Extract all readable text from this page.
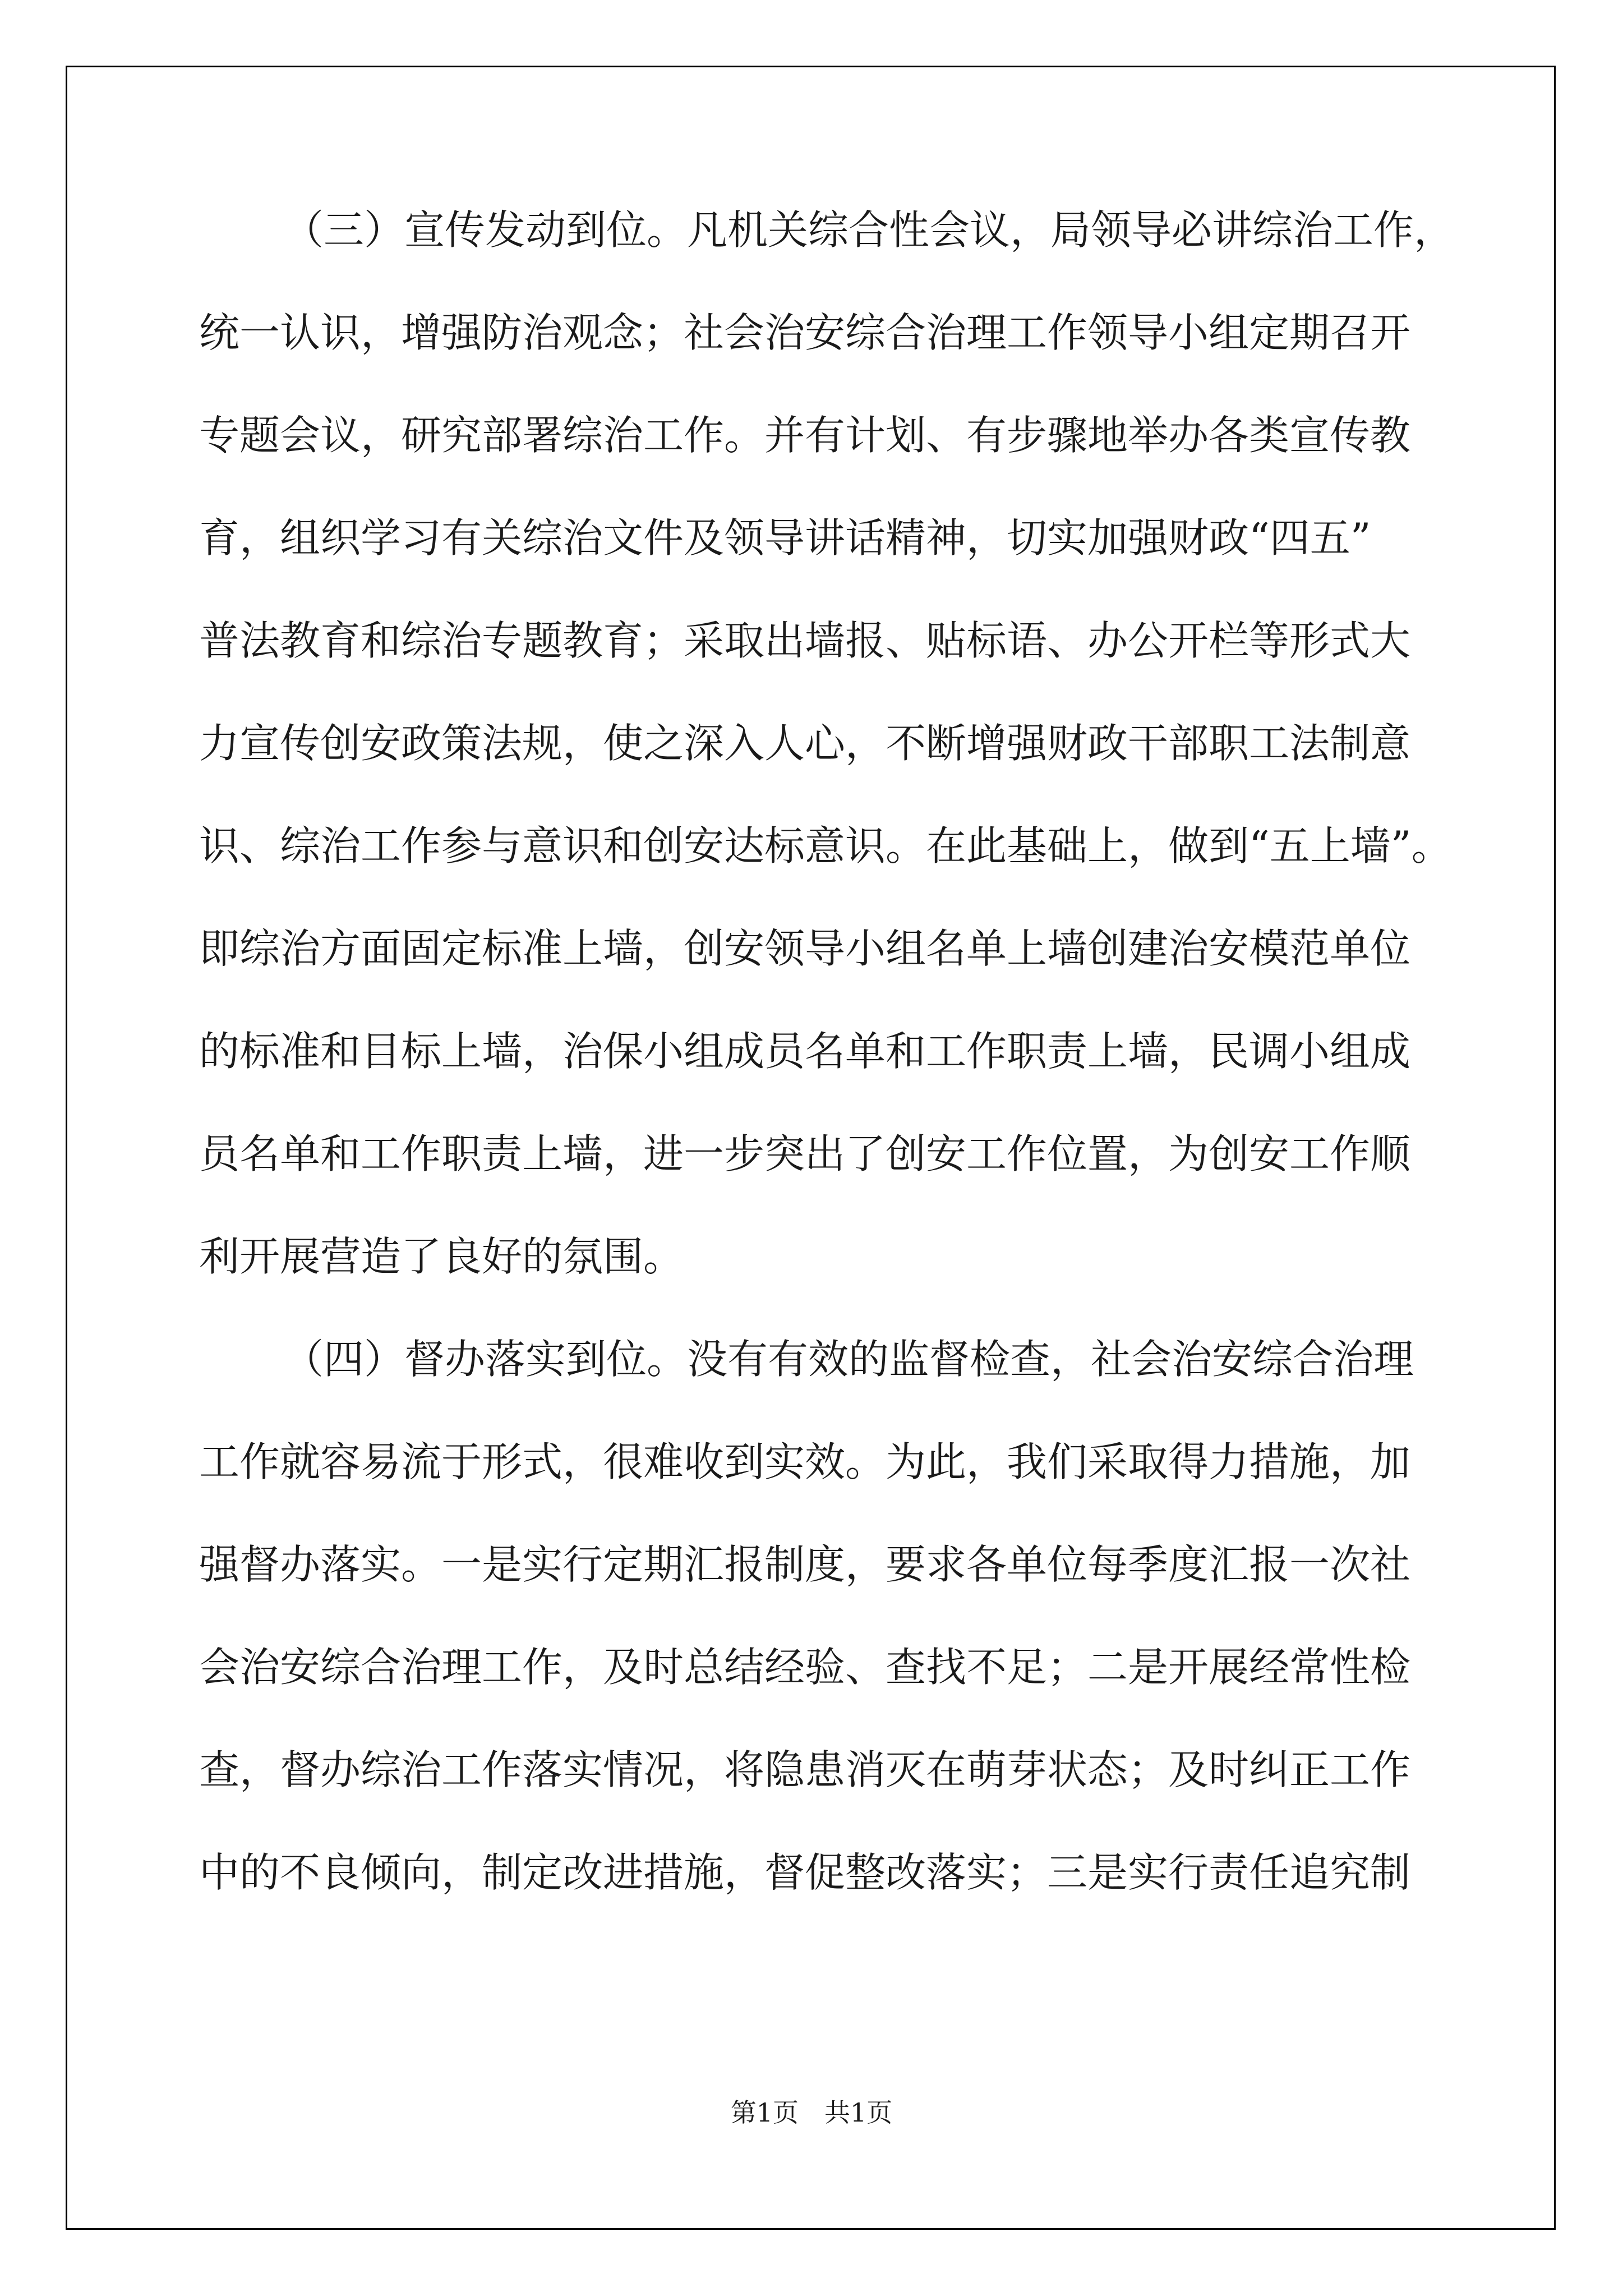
（三）宣传发动到位。凡机关综合性会议，局领导必讲综治工作，
统一认识，增强防治观念；社会治安综合治理工作领导小组定期召开
专题会议，研究部署综治工作。并有计划、有步骤地举办各类宣传教
育，组织学习有关综治文件及领导讲话精神，切实加强财政“四五”
普法教育和综治专题教育；采取出墙报、贴标语、办公开栏等形式大
力宣传创安政策法规，使之深入人心，不断增强财政干部职工法制意
识、综治工作参与意识和创安达标意识。在此基础上，做到“五上墙”。
即综治方面固定标准上墙，创安领导小组名单上墙创建治安模范单位
的标准和目标上墙，治保小组成员名单和工作职责上墙，民调小组成
员名单和工作职责上墙，进一步突出了创安工作位置，为创安工作顺
利开展营造了良好的氛围。
（四）督办落实到位。没有有效的监督检查，社会治安综合治理
工作就容易流于形式，很难收到实效。为此，我们采取得力措施，加
强督办落实。一是实行定期汇报制度，要求各单位每季度汇报一次社
会治安综合治理工作，及时总结经验、查找不足；二是开展经常性检
查，督办综治工作落实情况，将隐患消灭在萌芽状态；及时纠正工作
中的不良倾向，制定改进措施，督促整改落实；三是实行责任追究制
第1页　共1页
